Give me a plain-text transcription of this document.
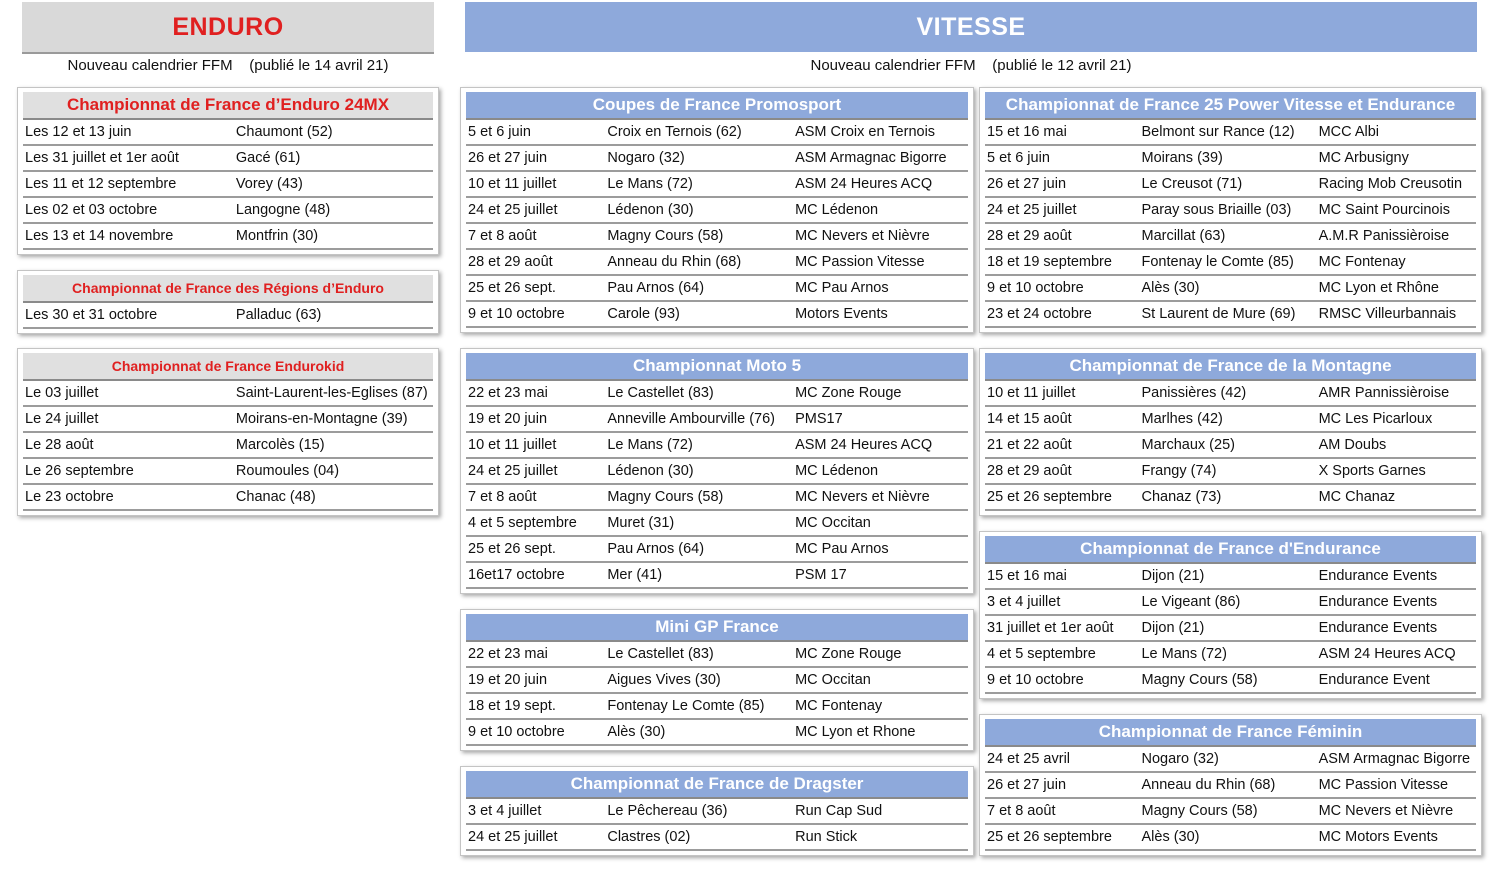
ENDURO
Nouveau calendrier FFM    (publié le 14 avril 21)
VITESSE
Nouveau calendrier FFM    (publié le 12 avril 21)
Championnat de France d’Enduro 24MX
Les 12 et 13 juin	Chaumont (52)
Les 31 juillet et 1er août	Gacé (61)
Les 11 et 12 septembre	Vorey (43)
Les 02 et 03 octobre	Langogne (48)
Les 13 et 14 novembre	Montfrin (30)
Championnat de France des Régions d’Enduro
Les 30 et 31 octobre	Palladuc (63)
Championnat de France Endurokid
Le 03 juillet	Saint-Laurent-les-Eglises (87)
Le 24 juillet	Moirans-en-Montagne (39)
Le 28 août	Marcolès (15)
Le 26 septembre	Roumoules (04)
Le 23 octobre	Chanac (48)
Coupes de France Promosport
5 et 6 juin	Croix en Ternois (62)	ASM Croix en Ternois
26 et 27 juin	Nogaro (32)	ASM Armagnac Bigorre
10 et 11 juillet	Le Mans (72)	ASM 24 Heures ACQ
24 et 25 juillet	Lédenon (30)	MC Lédenon
7 et 8 août	Magny Cours (58)	MC Nevers et Nièvre
28 et 29 août	Anneau du Rhin (68)	MC Passion Vitesse
25 et 26 sept.	Pau Arnos (64)	MC Pau Arnos
9 et 10 octobre	Carole (93)	Motors Events
Championnat Moto 5
22 et 23 mai	Le Castellet (83)	MC Zone Rouge
19 et 20 juin	Anneville Ambourville (76)	PMS17
10 et 11 juillet	Le Mans (72)	ASM 24 Heures ACQ
24 et 25 juillet	Lédenon (30)	MC Lédenon
7 et 8 août	Magny Cours (58)	MC Nevers et Nièvre
4 et 5 septembre	Muret (31)	MC Occitan
25 et 26 sept.	Pau Arnos (64)	MC Pau Arnos
16et17 octobre	Mer (41)	PSM 17
Mini GP France
22 et 23 mai	Le Castellet (83)	MC Zone Rouge
19 et 20 juin	Aigues Vives (30)	MC Occitan
18 et 19 sept.	Fontenay Le Comte (85)	MC Fontenay
9 et 10 octobre	Alès (30)	MC Lyon et Rhone
Championnat de France de Dragster
3 et 4 juillet	Le Pêchereau (36)	Run Cap Sud
24 et 25 juillet	Clastres (02)	Run Stick
Championnat de France 25 Power Vitesse et Endurance
15 et 16 mai	Belmont sur Rance (12)	MCC Albi
5 et 6 juin	Moirans (39)	MC Arbusigny
26 et 27 juin	Le Creusot (71)	Racing Mob Creusotin
24 et 25 juillet	Paray sous Briaille (03)	MC Saint Pourcinois
28 et 29 août	Marcillat (63)	A.M.R Panissièroise
18 et 19 septembre	Fontenay le Comte (85)	MC Fontenay
9 et 10 octobre	Alès (30)	MC Lyon et Rhône
23 et 24 octobre	St Laurent de Mure (69)	RMSC Villeurbannais
Championnat de France de la Montagne
10 et 11 juillet	Panissières (42)	AMR Pannissièroise
14 et 15 août	Marlhes (42)	MC Les Picarloux
21 et 22 août	Marchaux (25)	AM Doubs
28 et 29 août	Frangy (74)	X Sports Garnes
25 et 26 septembre	Chanaz (73)	MC Chanaz
Championnat de France d'Endurance
15 et 16 mai	Dijon (21)	Endurance Events
3 et 4 juillet	Le Vigeant (86)	Endurance Events
31 juillet et 1er août	Dijon (21)	Endurance Events
4 et 5 septembre	Le Mans (72)	ASM 24 Heures ACQ
9 et 10 octobre	Magny Cours (58)	Endurance Event
Championnat de France Féminin
24 et 25 avril	Nogaro (32)	ASM Armagnac Bigorre
26 et 27 juin	Anneau du Rhin (68)	MC Passion Vitesse
7 et 8 août	Magny Cours (58)	MC Nevers et Nièvre
25 et 26 septembre	Alès (30)	MC Motors Events
